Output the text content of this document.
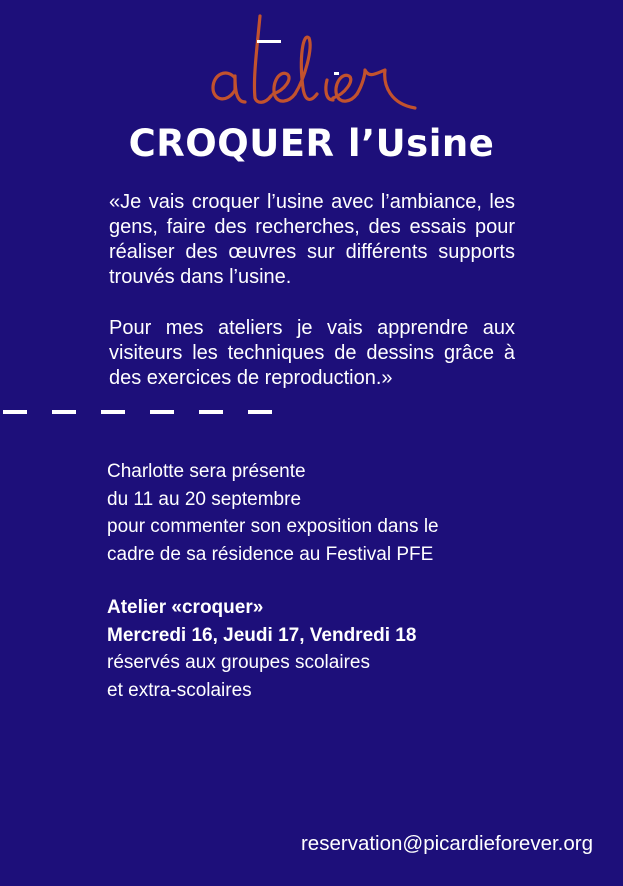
CROQUER l’Usine

«Je vais croquer l’usine avec l’ambiance, les gens, faire des recherches, des essais pour réaliser des œuvres sur différents supports trouvés dans l’usine.

Pour mes ateliers je vais apprendre aux visiteurs les techniques de dessins grâce à des exercices de reproduction.»

Charlotte sera présente
du 11 au 20 septembre
pour commenter son exposition dans le
cadre de sa résidence au Festival PFE
Atelier «croquer»
Mercredi 16, Jeudi 17, Vendredi 18
réservés aux groupes scolaires
et extra-scolaires
reservation@picardieforever.org
